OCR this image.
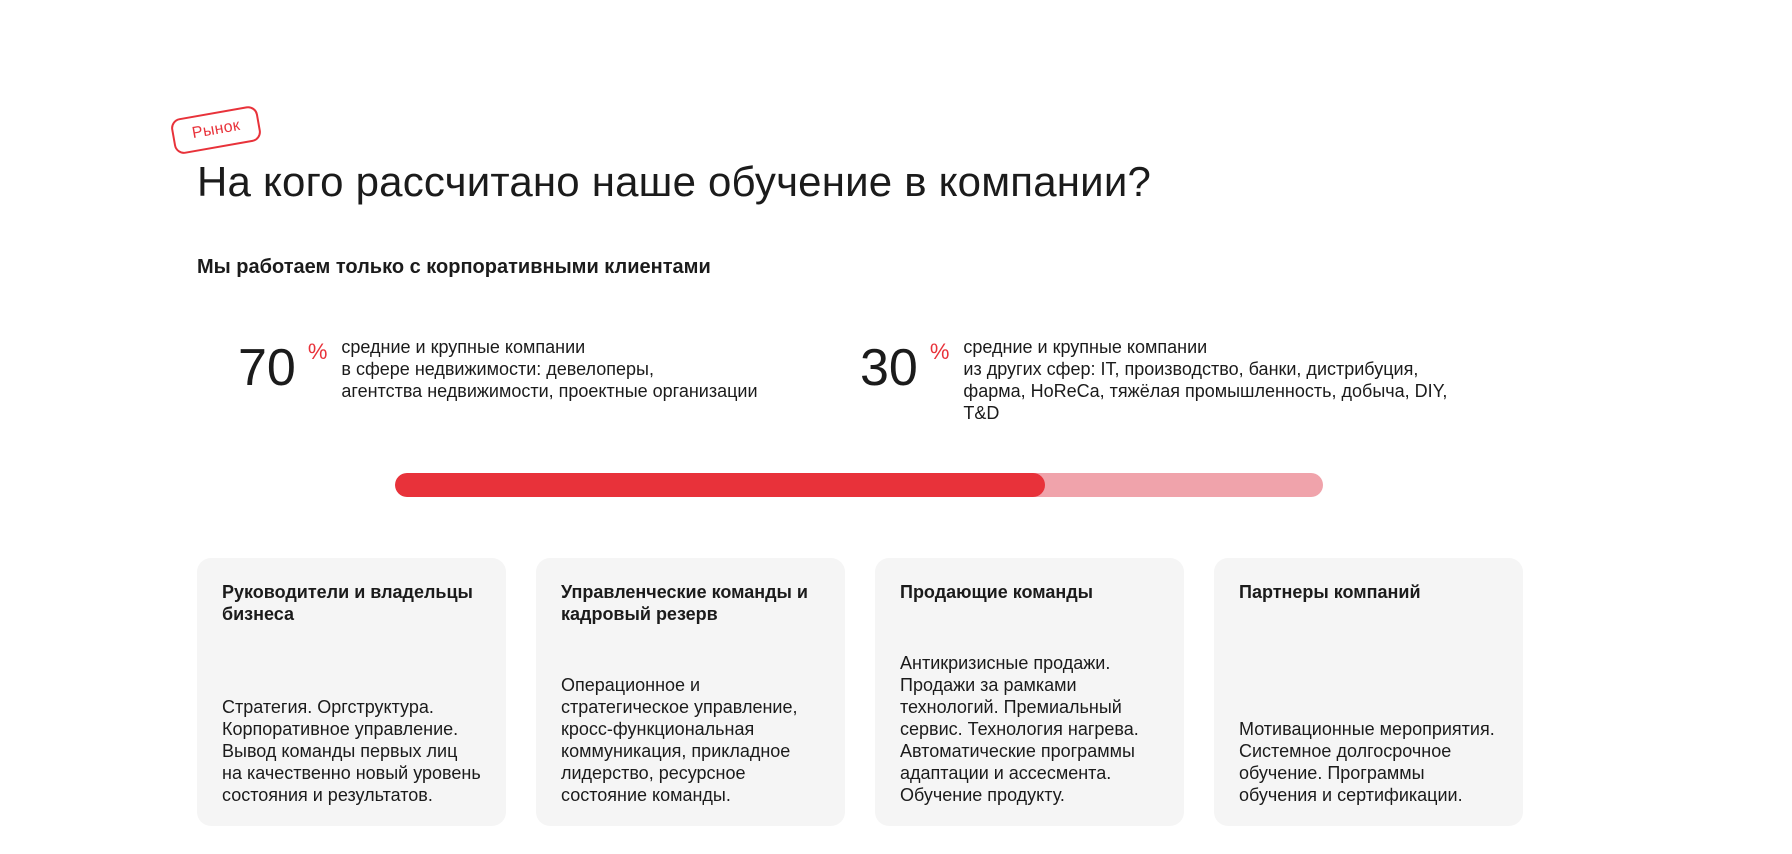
Рынок
На кого рассчитано наше обучение в компании?
Мы работаем только с корпоративными клиентами
70 % средние и крупные компании
в сфере недвижимости: девелоперы,
агентства недвижимости, проектные организации	30 % средние и крупные компании
из других сфер: IT, производство, банки, дистрибуция,
фарма, HoReCa, тяжёлая промышленность, добыча, DIY,
T&D
Руководители и владельцы бизнеса

Стратегия. Оргструктура. Корпоративное управление. Вывод команды первых лиц на качественно новый уровень состояния и результатов.

Управленческие команды и кадровый резерв

Операционное и стратегическое управление, кросс-функциональная коммуникация, прикладное лидерство, ресурсное состояние команды.

Продающие команды

Антикризисные продажи. Продажи за рамками технологий. Премиальный сервис. Технология нагрева. Автоматические программы адаптации и ассесмента. Обучение продукту.

Партнеры компаний

Мотивационные мероприятия. Системное долгосрочное обучение. Программы обучения и сертификации.
